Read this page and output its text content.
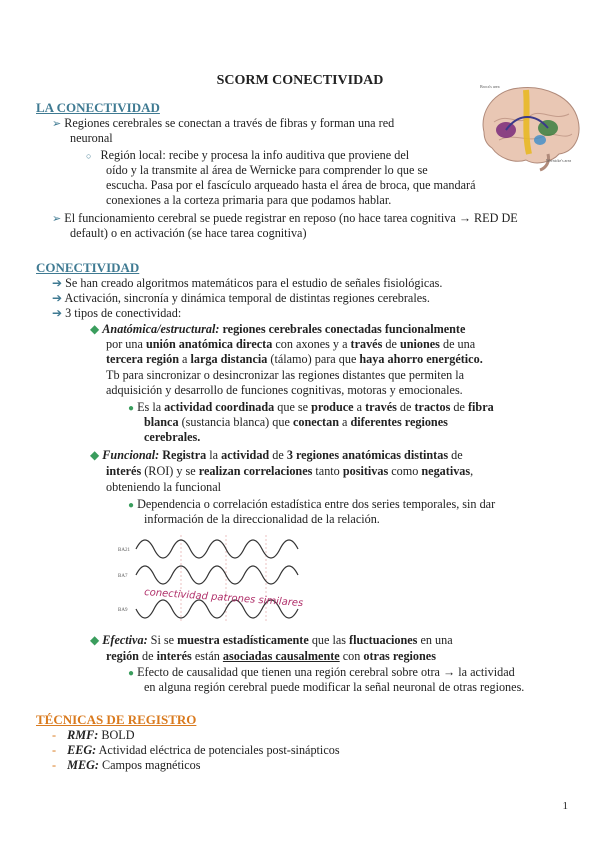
SCORM CONECTIVIDAD	Broca's area
Wernicke's area
LA CONECTIVIDAD
➢ Regiones cerebrales se conectan a través de fibras y forman una red
neuronal
○ Región local: recibe y procesa la info auditiva que proviene del
oído y la transmite al área de Wernicke para comprender lo que se
escucha. Pasa por el fascículo arqueado hasta el área de broca, que mandará
conexiones a la corteza primaria para que podamos hablar.
➢ El funcionamiento cerebral se puede registrar en reposo (no hace tarea cognitiva → RED DE
default) o en activación (se hace tarea cognitiva)
CONECTIVIDAD
➔ Se han creado algoritmos matemáticos para el estudio de señales fisiológicas.
➔ Activación, sincronía y dinámica temporal de distintas regiones cerebrales.
➔ 3 tipos de conectividad:
◆ Anatómica/estructural: regiones cerebrales conectadas funcionalmente
por una unión anatómica directa con axones y a través de uniones de una
tercera región a larga distancia (tálamo) para que haya ahorro energético.
Tb para sincronizar o desincronizar las regiones distantes que permiten la
adquisición y desarrollo de funciones cognitivas, motoras y emocionales.
● Es la actividad coordinada que se produce a través de tractos de fibra
blanca (sustancia blanca) que conectan a diferentes regiones
cerebrales.
◆ Funcional: Registra la actividad de 3 regiones anatómicas distintas de
interés (ROI) y se realizan correlaciones tanto positivas como negativas,
obteniendo la funcional
● Dependencia o correlación estadística entre dos series temporales, sin dar
información de la direccionalidad de la relación.
BA21
BA7
BA9
conectividad patrones similares
◆ Efectiva: Si se muestra estadísticamente que las fluctuaciones en una
región de interés están asociadas causalmente con otras regiones
● Efecto de causalidad que tienen una región cerebral sobre otra → la actividad
en alguna región cerebral puede modificar la señal neuronal de otras regiones.
TÉCNICAS DE REGISTRO
- RMF: BOLD
- EEG: Actividad eléctrica de potenciales post-sinápticos
- MEG: Campos magnéticos
1
